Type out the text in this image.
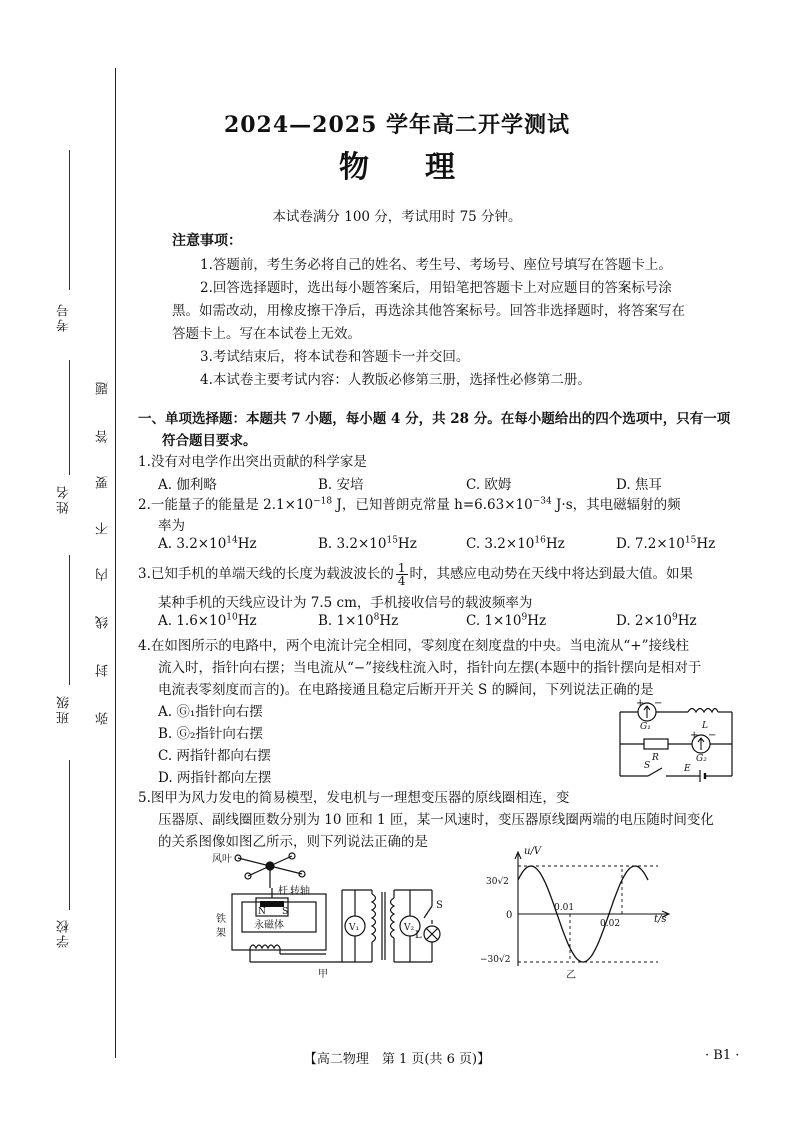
考号
姓名
班级
学校
题
答
要
不
内
线
封
弥
2024—2025 学年高二开学测试
物 理
本试卷满分 100 分，考试用时 75 分钟。
注意事项：
1.答题前，考生务必将自己的姓名、考生号、考场号、座位号填写在答题卡上。
2.回答选择题时，选出每小题答案后，用铅笔把答题卡上对应题目的答案标号涂
黑。如需改动，用橡皮擦干净后，再选涂其他答案标号。回答非选择题时，将答案写在
答题卡上。写在本试卷上无效。
3.考试结束后，将本试卷和答题卡一并交回。
4.本试卷主要考试内容：人教版必修第三册，选择性必修第二册。
一、单项选择题：本题共 7 小题，每小题 4 分，共 28 分。在每小题给出的四个选项中，只有一项
符合题目要求。
1.没有对电学作出突出贡献的科学家是
A. 伽利略	B. 安培	C. 欧姆	D. 焦耳
2.一能量子的能量是 $2.1\times 10^{-18}$ J，已知普朗克常量 $h=6.63\times 10^{-34}$ J·s，其电磁辐射的频
率为
A. $3.2\times 10^{14}Hz$	B. $3.2\times 10^{15}Hz$	C. $3.2\times 10^{16}Hz$	D. $7.2\times 10^{15}Hz$
3.已知手机的单端天线的长度为载波波长的 $\frac{1}{4}$ 时，其感应电动势在天线中将达到最大值。如果
某种手机的天线应设计为 7.5 cm，手机接收信号的载波频率为
A. $1.6\times 10^{10}Hz$	B. $1\times 10^8Hz$	C. $1\times 10^9Hz$	D. $2\times 10^9Hz$
4.在如图所示的电路中，两个电流计完全相同，零刻度在刻度盘的中央。当电流从“+”接线柱
流入时，指针向右摆；当电流从“−”接线柱流入时，指针向左摆(本题中的指针摆向是相对于
电流表零刻度而言的)。在电路接通且稳定后断开开关 S 的瞬间，下列说法正确的是
A. Ⓖ₁指针向右摆
B. Ⓖ₂指针向右摆
C. 两指针都向右摆
D. 两指针都向左摆
+ −
+ −
G₁
G₂
L
R
S	E
5.图甲为风力发电的简易模型，发电机与一理想变压器的原线圈相连，变
压器原、副线圈匝数分别为 10 匝和 1 匝，某一风速时，变压器原线圈两端的电压随时间变化
的关系图像如图乙所示，则下列说法正确的是
风叶
杆 转轴
铁
架
N S
永磁体	V₁	V₂
S
L
甲
u/V
t/s
30√2
−30√2
0
0.01
0.02
乙
【高二物理　第 1 页(共 6 页)】	· B1 ·
